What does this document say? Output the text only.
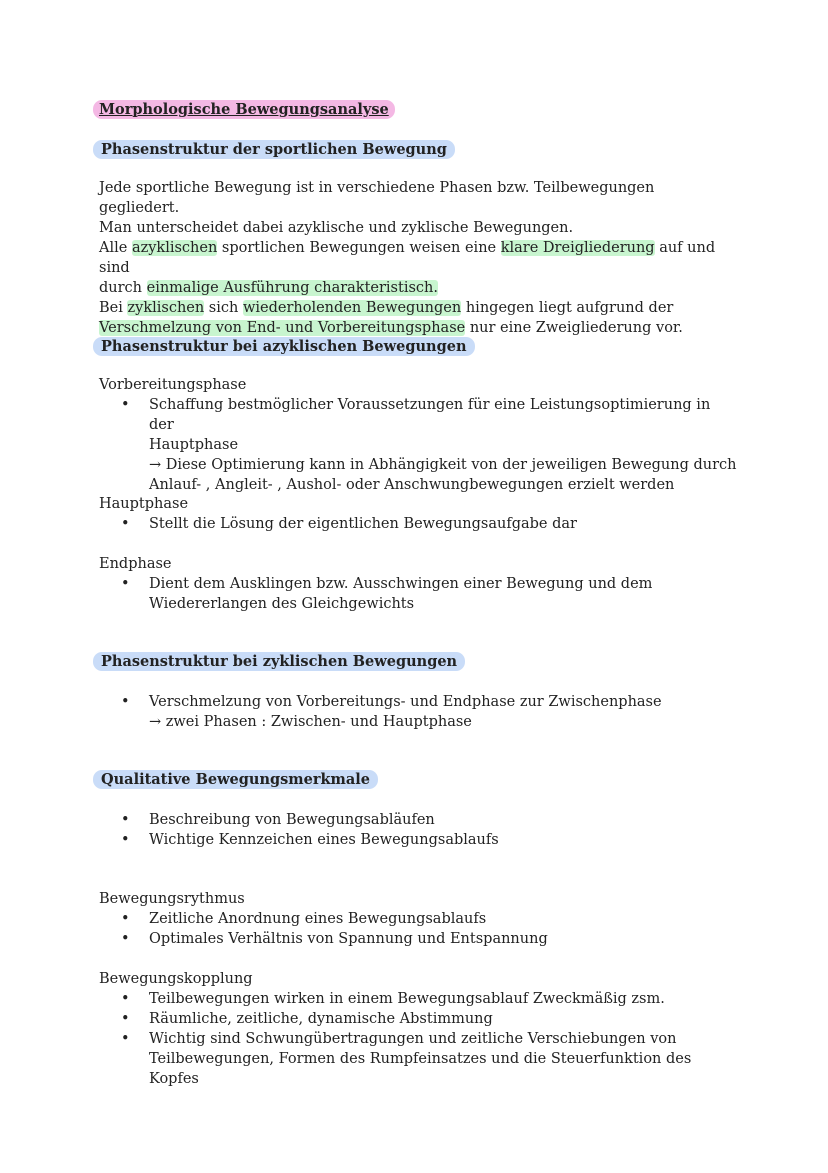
Morphologische Bewegungsanalyse
Phasenstruktur der sportlichen Bewegung
Jede sportliche Bewegung ist in verschiedene Phasen bzw. Teilbewegungen gegliedert.
Man unterscheidet dabei azyklische und zyklische Bewegungen.
Alle azyklischen sportlichen Bewegungen weisen eine klare Dreigliederung auf und sind
durch einmalige Ausführung charakteristisch.
Bei zyklischen sich wiederholenden Bewegungen hingegen liegt aufgrund der
Verschmelzung von End- und Vorbereitungsphase nur eine Zweigliederung vor.
Phasenstruktur bei azyklischen Bewegungen
Vorbereitungsphase
• Schaffung bestmöglicher Voraussetzungen für eine Leistungsoptimierung in der
Hauptphase
→ Diese Optimierung kann in Abhängigkeit von der jeweiligen Bewegung durch
Anlauf- , Angleit- , Aushol- oder Anschwungbewegungen erzielt werden
Hauptphase
• Stellt die Lösung der eigentlichen Bewegungsaufgabe dar
Endphase
• Dient dem Ausklingen bzw. Ausschwingen einer Bewegung und dem
Wiedererlangen des Gleichgewichts
Phasenstruktur bei zyklischen Bewegungen
• Verschmelzung von Vorbereitungs- und Endphase zur Zwischenphase
→ zwei Phasen : Zwischen- und Hauptphase
Qualitative Bewegungsmerkmale
• Beschreibung von Bewegungsabläufen
• Wichtige Kennzeichen eines Bewegungsablaufs
Bewegungsrythmus
• Zeitliche Anordnung eines Bewegungsablaufs
• Optimales Verhältnis von Spannung und Entspannung
Bewegungskopplung
• Teilbewegungen wirken in einem Bewegungsablauf Zweckmäßig zsm.
• Räumliche, zeitliche, dynamische Abstimmung
• Wichtig sind Schwungübertragungen und zeitliche Verschiebungen von
Teilbewegungen, Formen des Rumpfeinsatzes und die Steuerfunktion des Kopfes
